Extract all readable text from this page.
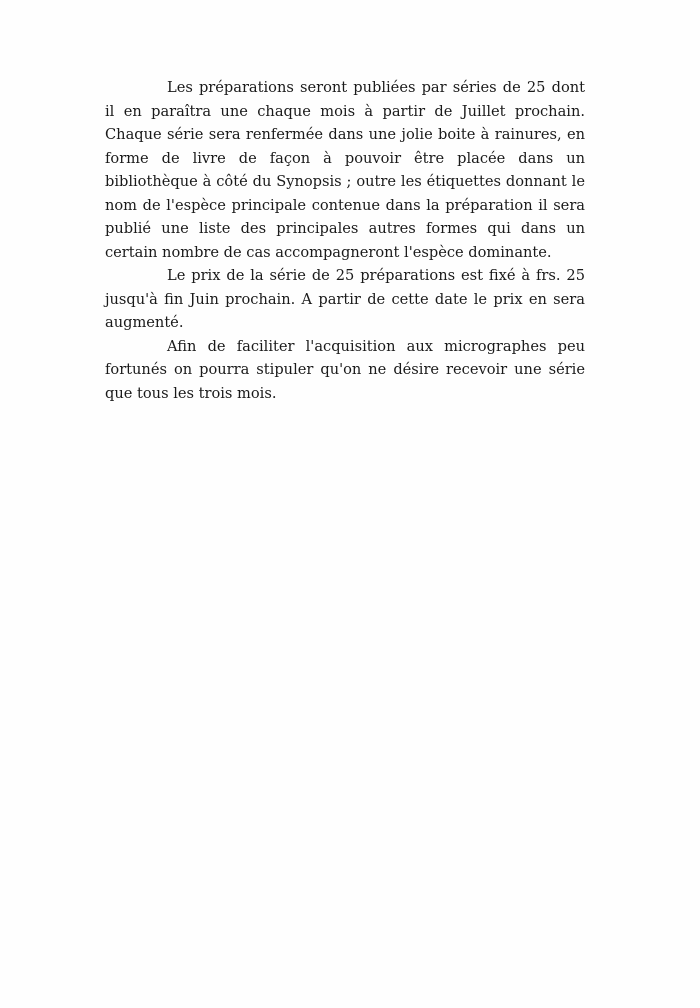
Les préparations seront publiées par séries de 25 dont il en paraîtra une chaque mois à partir de Juillet prochain. Chaque série sera renfermée dans une jolie boite à rainures, en forme de livre de façon à pouvoir être placée dans un bibliothèque à côté du Synopsis ; outre les étiquettes donnant le nom de l'espèce principale contenue dans la préparation il sera publié une liste des principales autres formes qui dans un certain nombre de cas accompagneront l'espèce dominante.

Le prix de la série de 25 préparations est fixé à frs. 25 jusqu'à fin Juin prochain. A partir de cette date le prix en sera augmenté.

Afin de faciliter l'acquisition aux micrographes peu fortunés on pourra stipuler qu'on ne désire recevoir une série que tous les trois mois.
